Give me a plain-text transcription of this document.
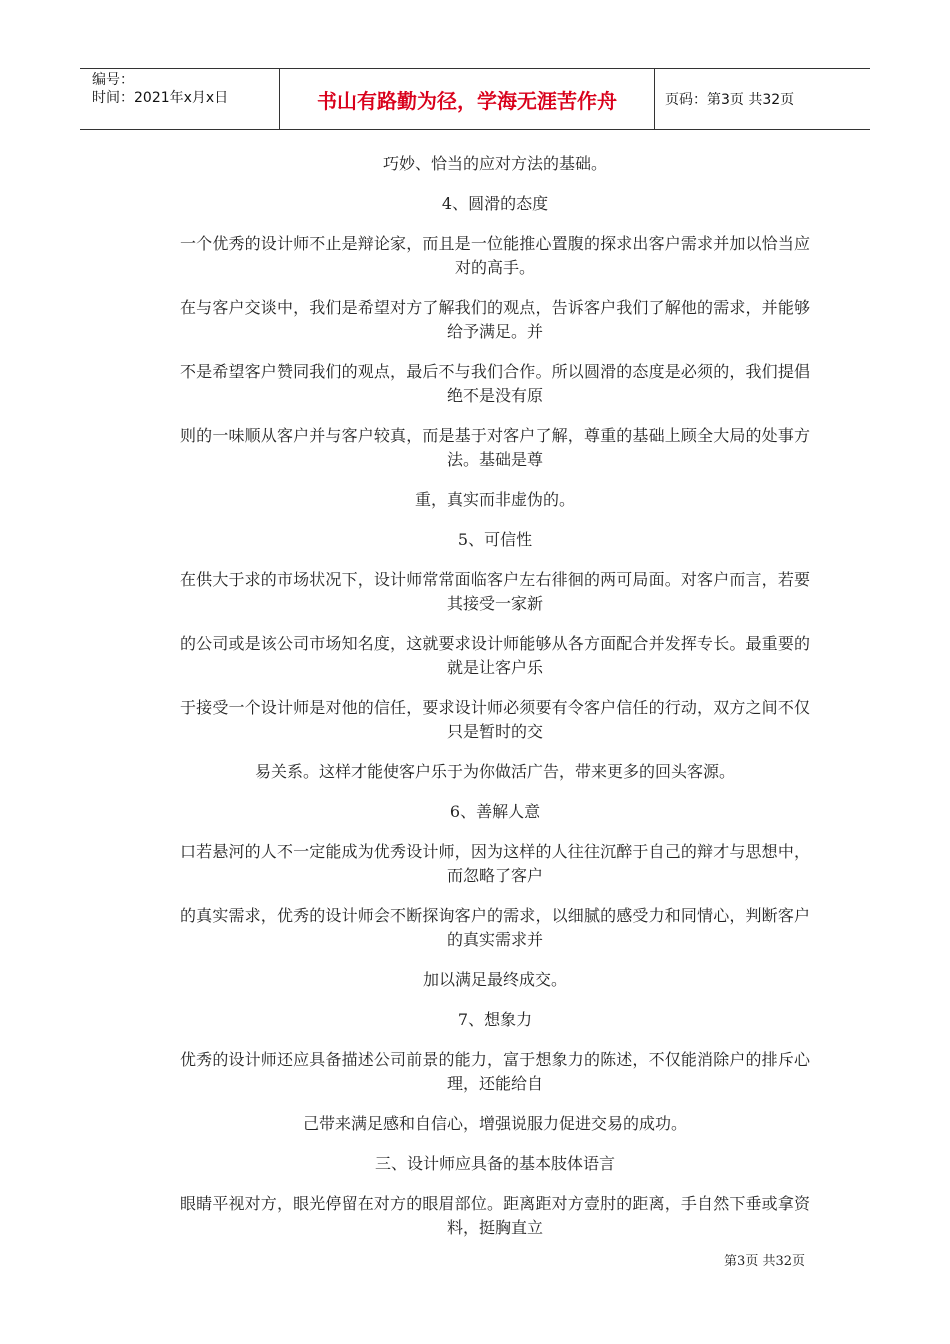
编号：
时间：2021年x月x日	书山有路勤为径，学海无涯苦作舟	页码：第3页 共32页

巧妙、恰当的应对方法的基础。

4、圆滑的态度

一个优秀的设计师不止是辩论家，而且是一位能推心置腹的探求出客户需求并加以恰当应对的高手。

在与客户交谈中，我们是希望对方了解我们的观点，告诉客户我们了解他的需求，并能够给予满足。并

不是希望客户赞同我们的观点，最后不与我们合作。所以圆滑的态度是必须的，我们提倡绝不是没有原

则的一味顺从客户并与客户较真，而是基于对客户了解，尊重的基础上顾全大局的处事方法。基础是尊

重，真实而非虚伪的。

5、可信性

在供大于求的市场状况下，设计师常常面临客户左右徘徊的两可局面。对客户而言，若要其接受一家新

的公司或是该公司市场知名度，这就要求设计师能够从各方面配合并发挥专长。最重要的就是让客户乐

于接受一个设计师是对他的信任，要求设计师必须要有令客户信任的行动，双方之间不仅只是暂时的交

易关系。这样才能使客户乐于为你做活广告，带来更多的回头客源。

6、善解人意

口若悬河的人不一定能成为优秀设计师，因为这样的人往往沉醉于自己的辩才与思想中，而忽略了客户

的真实需求，优秀的设计师会不断探询客户的需求，以细腻的感受力和同情心，判断客户的真实需求并

加以满足最终成交。

7、想象力

优秀的设计师还应具备描述公司前景的能力，富于想象力的陈述，不仅能消除户的排斥心理，还能给自

己带来满足感和自信心，增强说服力促进交易的成功。

三、设计师应具备的基本肢体语言

眼睛平视对方，眼光停留在对方的眼眉部位。距离距对方壹肘的距离，手自然下垂或拿资料，挺胸直立

第3页 共32页
